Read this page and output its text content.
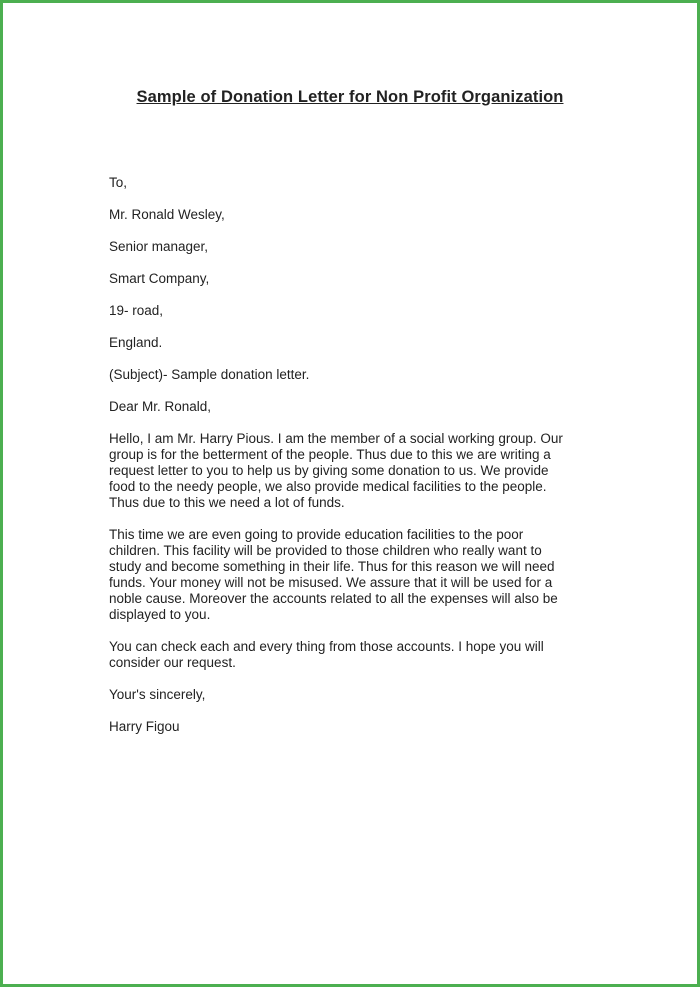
Sample of Donation Letter for Non Profit Organization
To,
Mr. Ronald Wesley,
Senior manager,
Smart Company,
19- road,
England.
(Subject)- Sample donation letter.
Dear Mr. Ronald,
Hello, I am Mr. Harry Pious. I am the member of a social working group. Our
group is for the betterment of the people. Thus due to this we are writing a
request letter to you to help us by giving some donation to us. We provide
food to the needy people, we also provide medical facilities to the people.
Thus due to this we need a lot of funds.
This time we are even going to provide education facilities to the poor
children. This facility will be provided to those children who really want to
study and become something in their life. Thus for this reason we will need
funds. Your money will not be misused. We assure that it will be used for a
noble cause. Moreover the accounts related to all the expenses will also be
displayed to you.
You can check each and every thing from those accounts. I hope you will
consider our request.
Your's sincerely,
Harry Figou
